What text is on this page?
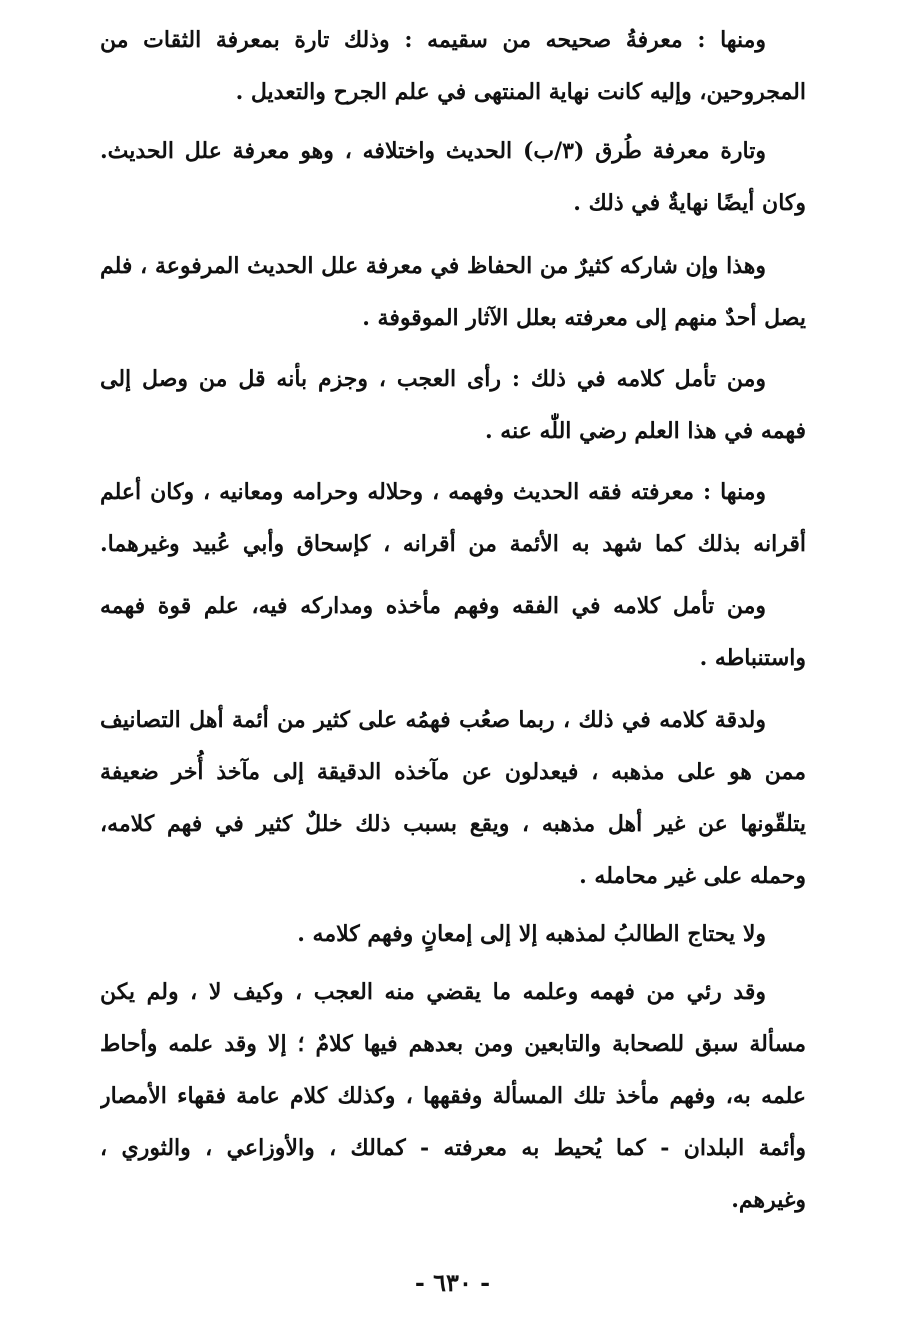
ومنها : معرفةُ صحيحه من سقيمه : وذلك تارة بمعرفة الثقات من
المجروحين، وإليه كانت نهاية المنتهى في علم الجرح والتعديل .
وتارة معرفة طُرق (٣/ب) الحديث واختلافه ، وهو معرفة علل الحديث.
وكان أيضًا نهايةٌ في ذلك .
وهذا وإن شاركه كثيرٌ من الحفاظ في معرفة علل الحديث المرفوعة ، فلم
يصل أحدٌ منهم إلى معرفته بعلل الآثار الموقوفة .
ومن تأمل كلامه في ذلك : رأى العجب ، وجزم بأنه قل من وصل إلى
فهمه في هذا العلم رضي اللّٰه عنه .
ومنها : معرفته فقه الحديث وفهمه ، وحلاله وحرامه ومعانيه ، وكان أعلم
أقرانه بذلك كما شهد به الأئمة من أقرانه ، كإسحاق وأبي عُبيد وغيرهما.
ومن تأمل كلامه في الفقه وفهم مأخذه ومداركه فيه، علم قوة فهمه
واستنباطه .
ولدقة كلامه في ذلك ، ربما صعُب فهمُه على كثير من أئمة أهل التصانيف
ممن هو على مذهبه ، فيعدلون عن مآخذه الدقيقة إلى مآخذ أُخر ضعيفة
يتلقّونها عن غير أهل مذهبه ، ويقع بسبب ذلك خللٌ كثير في فهم كلامه،
وحمله على غير محامله .
ولا يحتاج الطالبُ لمذهبه إلا إلى إمعانٍ وفهم كلامه .
وقد رئي من فهمه وعلمه ما يقضي منه العجب ، وكيف لا ، ولم يكن
مسألة سبق للصحابة والتابعين ومن بعدهم فيها كلامٌ ؛ إلا وقد علمه وأحاط
علمه به، وفهم مأخذ تلك المسألة وفقهها ، وكذلك كلام عامة فقهاء الأمصار
وأئمة البلدان - كما يُحيط به معرفته - كمالك ، والأوزاعي ، والثوري ،
وغيرهم.
- ٦٣٠ -
